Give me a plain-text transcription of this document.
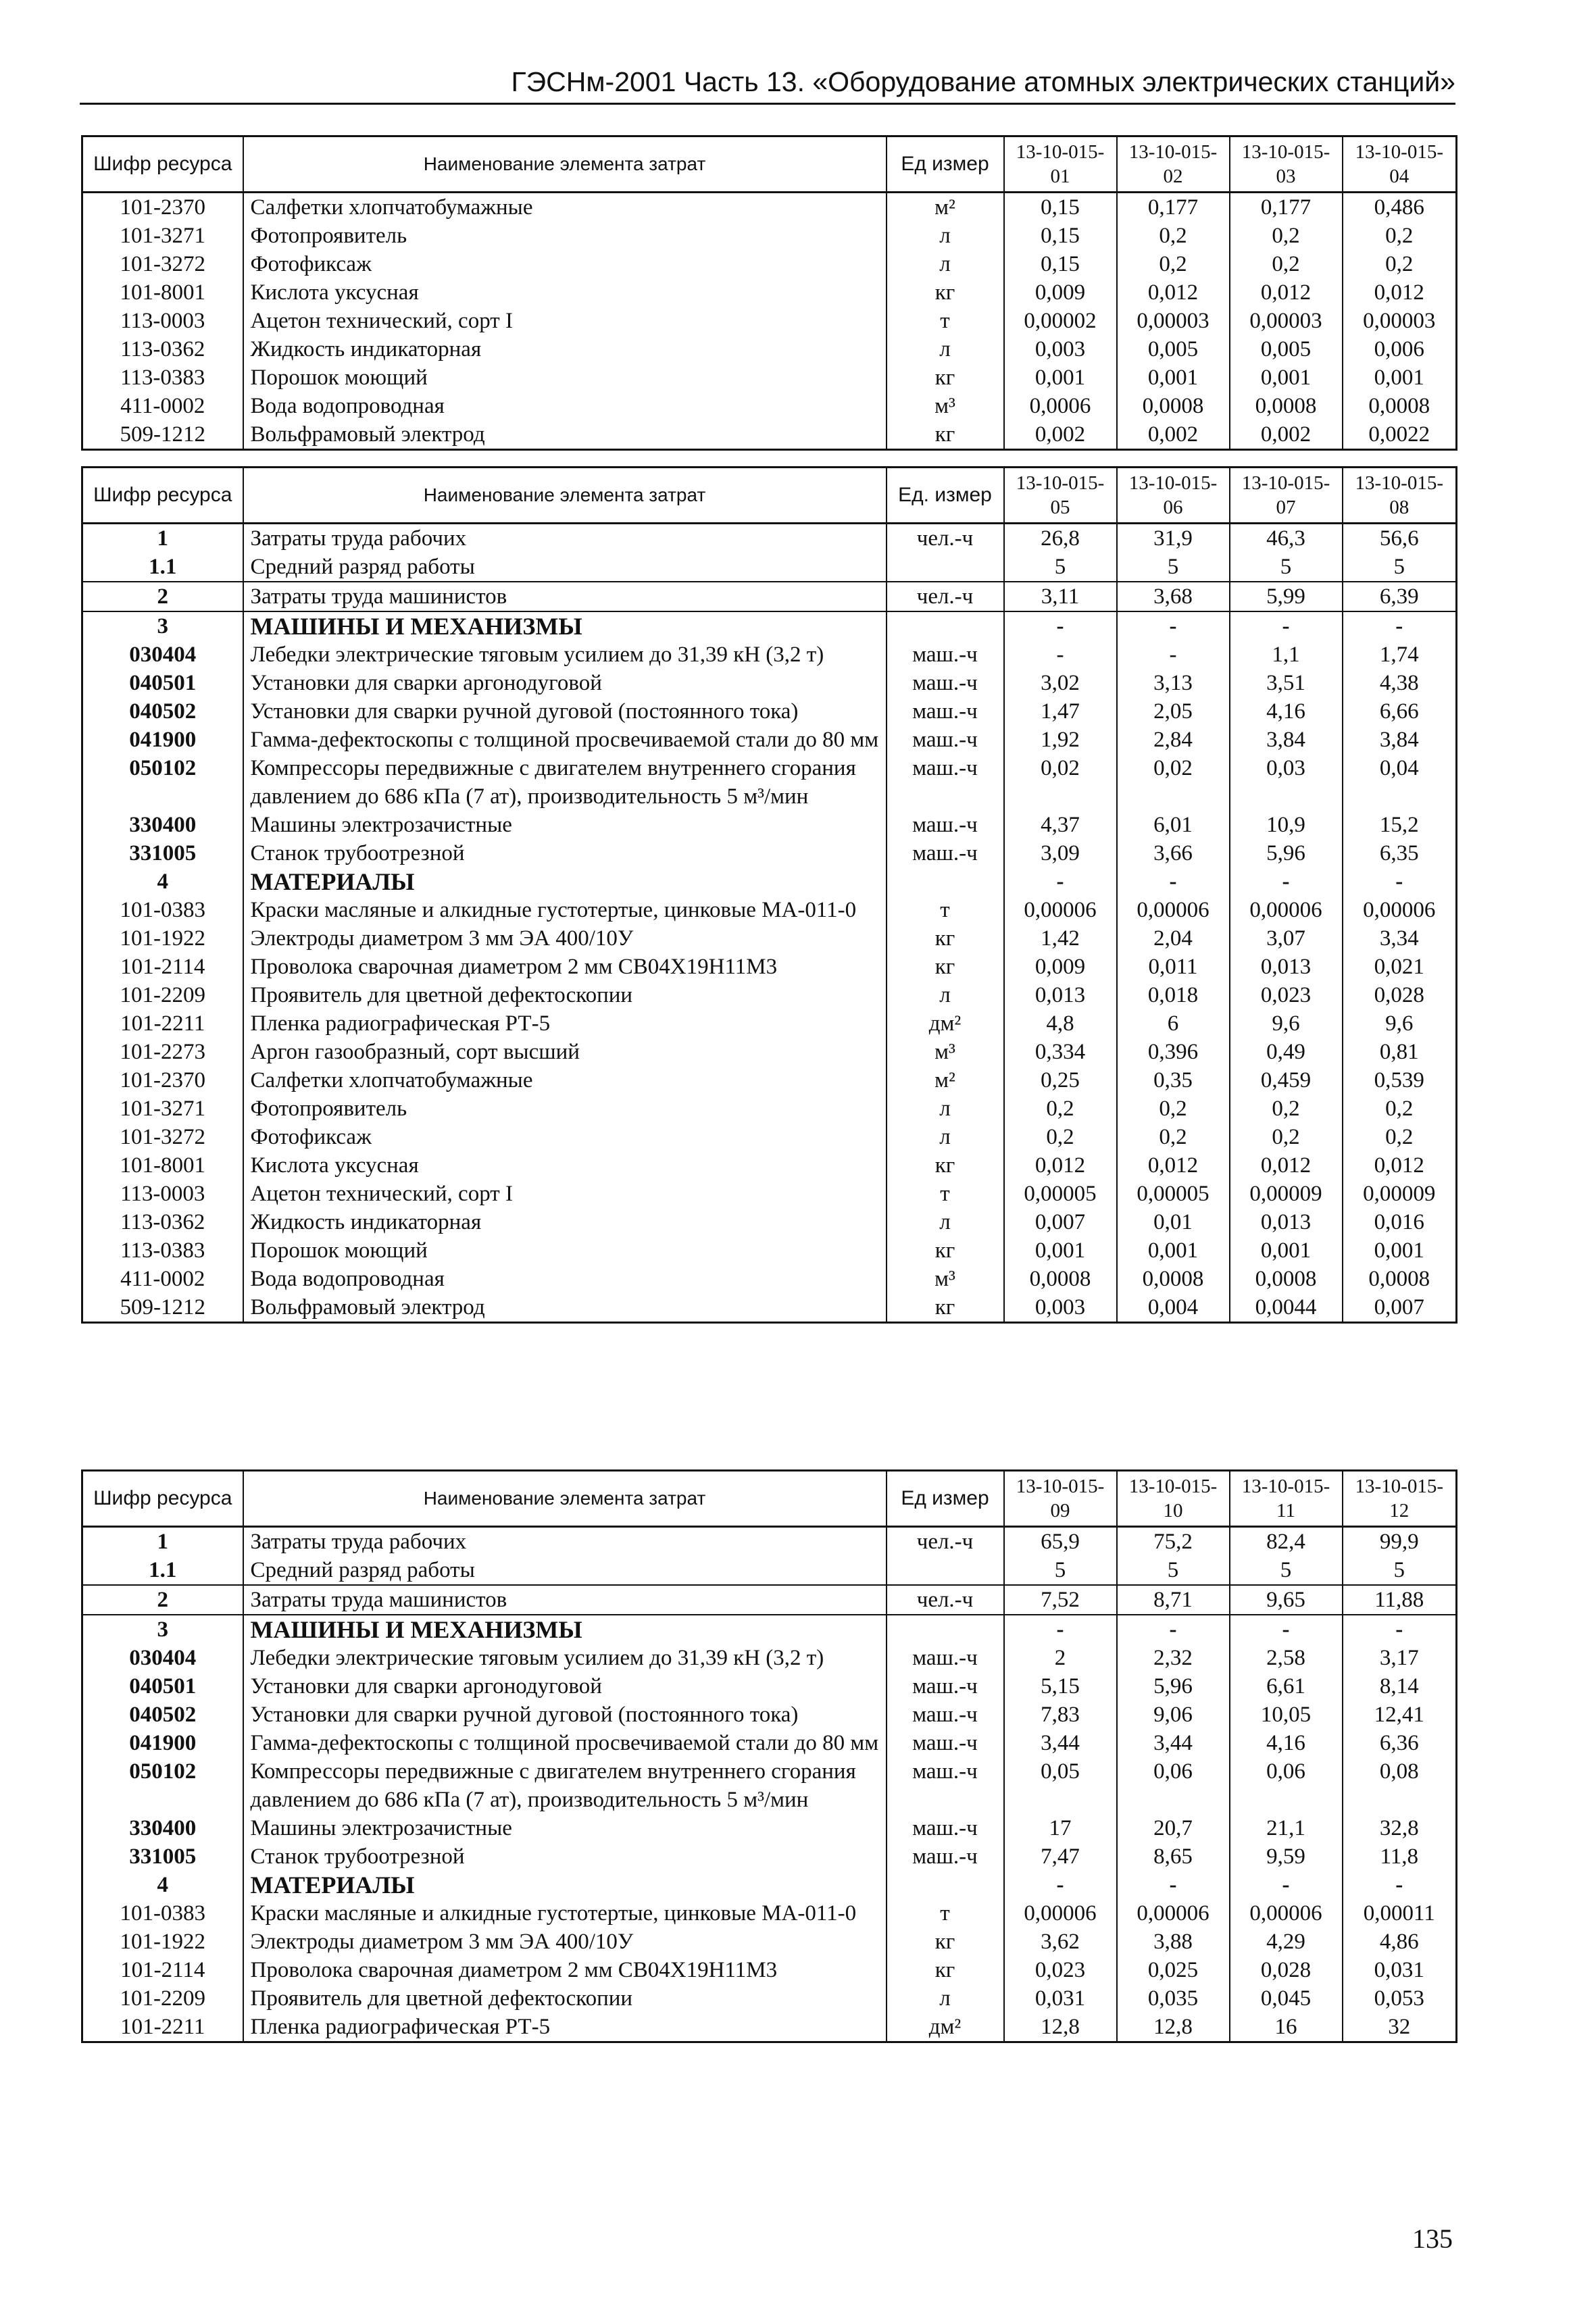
ГЭСНм-2001 Часть 13. «Оборудование атомных электрических станций»
Шифр ресурса	Наименование элемента затрат	Ед измер	13-10-015-01	13-10-015-02	13-10-015-03	13-10-015-04
101-2370	Салфетки хлопчатобумажные	м²	0,15	0,177	0,177	0,486
101-3271	Фотопроявитель	л	0,15	0,2	0,2	0,2
101-3272	Фотофиксаж	л	0,15	0,2	0,2	0,2
101-8001	Кислота уксусная	кг	0,009	0,012	0,012	0,012
113-0003	Ацетон технический, сорт I	т	0,00002	0,00003	0,00003	0,00003
113-0362	Жидкость индикаторная	л	0,003	0,005	0,005	0,006
113-0383	Порошок моющий	кг	0,001	0,001	0,001	0,001
411-0002	Вода водопроводная	м³	0,0006	0,0008	0,0008	0,0008
509-1212	Вольфрамовый электрод	кг	0,002	0,002	0,002	0,0022
Шифр ресурса	Наименование элемента затрат	Ед. измер	13-10-015-05	13-10-015-06	13-10-015-07	13-10-015-08
1	Затраты труда рабочих	чел.-ч	26,8	31,9	46,3	56,6
1.1	Средний разряд работы		5	5	5	5
2	Затраты труда машинистов	чел.-ч	3,11	3,68	5,99	6,39
3	МАШИНЫ И МЕХАНИЗМЫ		-	-	-	-
030404	Лебедки электрические тяговым усилием до 31,39 кН (3,2 т)	маш.-ч	-	-	1,1	1,74
040501	Установки для сварки аргонодуговой	маш.-ч	3,02	3,13	3,51	4,38
040502	Установки для сварки ручной дуговой (постоянного тока)	маш.-ч	1,47	2,05	4,16	6,66
041900	Гамма-дефектоскопы с толщиной просвечиваемой стали до 80 мм	маш.-ч	1,92	2,84	3,84	3,84
050102	Компрессоры передвижные с двигателем внутреннего сгорания давлением до 686 кПа (7 ат), производительность 5 м³/мин	маш.-ч	0,02	0,02	0,03	0,04
330400	Машины электрозачистные	маш.-ч	4,37	6,01	10,9	15,2
331005	Станок трубоотрезной	маш.-ч	3,09	3,66	5,96	6,35
4	МАТЕРИАЛЫ		-	-	-	-
101-0383	Краски масляные и алкидные густотертые, цинковые МА-011-0	т	0,00006	0,00006	0,00006	0,00006
101-1922	Электроды диаметром 3 мм ЭА 400/10У	кг	1,42	2,04	3,07	3,34
101-2114	Проволока сварочная диаметром 2 мм СВ04Х19Н11М3	кг	0,009	0,011	0,013	0,021
101-2209	Проявитель для цветной дефектоскопии	л	0,013	0,018	0,023	0,028
101-2211	Пленка радиографическая РТ-5	дм²	4,8	6	9,6	9,6
101-2273	Аргон газообразный, сорт высший	м³	0,334	0,396	0,49	0,81
101-2370	Салфетки хлопчатобумажные	м²	0,25	0,35	0,459	0,539
101-3271	Фотопроявитель	л	0,2	0,2	0,2	0,2
101-3272	Фотофиксаж	л	0,2	0,2	0,2	0,2
101-8001	Кислота уксусная	кг	0,012	0,012	0,012	0,012
113-0003	Ацетон технический, сорт I	т	0,00005	0,00005	0,00009	0,00009
113-0362	Жидкость индикаторная	л	0,007	0,01	0,013	0,016
113-0383	Порошок моющий	кг	0,001	0,001	0,001	0,001
411-0002	Вода водопроводная	м³	0,0008	0,0008	0,0008	0,0008
509-1212	Вольфрамовый электрод	кг	0,003	0,004	0,0044	0,007
Шифр ресурса	Наименование элемента затрат	Ед измер	13-10-015-09	13-10-015-10	13-10-015-11	13-10-015-12
1	Затраты труда рабочих	чел.-ч	65,9	75,2	82,4	99,9
1.1	Средний разряд работы		5	5	5	5
2	Затраты труда машинистов	чел.-ч	7,52	8,71	9,65	11,88
3	МАШИНЫ И МЕХАНИЗМЫ		-	-	-	-
030404	Лебедки электрические тяговым усилием до 31,39 кН (3,2 т)	маш.-ч	2	2,32	2,58	3,17
040501	Установки для сварки аргонодуговой	маш.-ч	5,15	5,96	6,61	8,14
040502	Установки для сварки ручной дуговой (постоянного тока)	маш.-ч	7,83	9,06	10,05	12,41
041900	Гамма-дефектоскопы с толщиной просвечиваемой стали до 80 мм	маш.-ч	3,44	3,44	4,16	6,36
050102	Компрессоры передвижные с двигателем внутреннего сгорания давлением до 686 кПа (7 ат), производительность 5 м³/мин	маш.-ч	0,05	0,06	0,06	0,08
330400	Машины электрозачистные	маш.-ч	17	20,7	21,1	32,8
331005	Станок трубоотрезной	маш.-ч	7,47	8,65	9,59	11,8
4	МАТЕРИАЛЫ		-	-	-	-
101-0383	Краски масляные и алкидные густотертые, цинковые МА-011-0	т	0,00006	0,00006	0,00006	0,00011
101-1922	Электроды диаметром 3 мм ЭА 400/10У	кг	3,62	3,88	4,29	4,86
101-2114	Проволока сварочная диаметром 2 мм СВ04Х19Н11М3	кг	0,023	0,025	0,028	0,031
101-2209	Проявитель для цветной дефектоскопии	л	0,031	0,035	0,045	0,053
101-2211	Пленка радиографическая РТ-5	дм²	12,8	12,8	16	32
135
